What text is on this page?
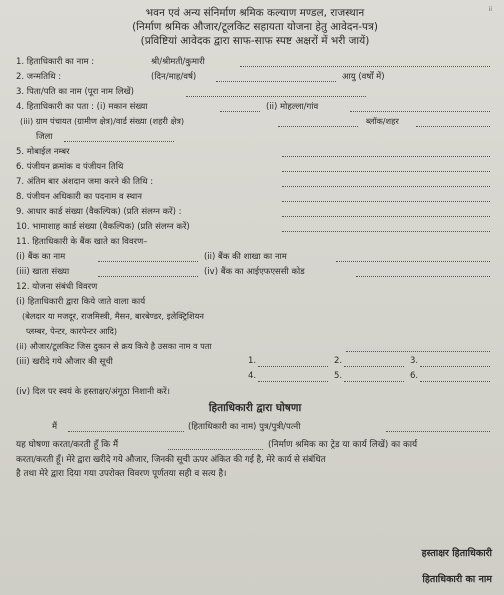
ii
भवन एवं अन्य संनिर्माण श्रमिक कल्याण मण्डल, राजस्थान
(निर्माण श्रमिक औजार/टूलकिट सहायता योजना हेतु आवेदन-पत्र)
(प्रविष्टियां आवेदक द्वारा साफ-साफ स्पष्ट अक्षरों में भरी जायें)
1. हिताधिकारी का नाम :	श्री/श्रीमती/कुमारी
2. जन्मतिथि :	(दिन/माह/वर्ष)	आयु (वर्षों में)
3. पिता/पति का नाम (पूरा नाम लिखें)
4. हिताधिकारी का पता : (i) मकान संख्या	(ii) मोहल्ला/गांव
(iii) ग्राम पंचायत (ग्रामीण क्षेत्र)/वार्ड संख्या (शहरी क्षेत्र)	ब्लॉक/शहर
जिला
5. मोबाईल नम्बर
6. पंजीयन क्रमांक व पंजीयन तिथि
7. अंतिम बार अंशदान जमा करने की तिथि :
8. पंजीयन अधिकारी का पदनाम व स्थान
9. आधार कार्ड संख्या (वैकल्पिक) (प्रति संलग्न करें) :
10. भामाशाह कार्ड संख्या (वैकल्पिक) (प्रति संलग्न करें)
11. हिताधिकारी के बैंक खाते का विवरण–
(i) बैंक का नाम	(ii) बैंक की शाखा का नाम
(iii) खाता संख्या	(iv) बैंक का आईएफएससी कोड
12. योजना संबंधी विवरण
(i) हिताधिकारी द्वारा किये जाते वाला कार्य
(बेलदार या मजदूर, राजमिस्त्री, मैसन, बारबेण्डर, इलेक्ट्रिशियन
प्लम्बर, पेन्टर, कारपेन्टर आदि)
(ii) औजार/टूलकिट जिस दुकान से क्रय किये है उसका नाम व पता
(iii) खरीदे गये औजार की सूची	1.	2.	3.
4.	5.	6.
(iv) दिल पर स्वयं के हस्ताक्षर/अंगूठा निशानी करें।
हिताधिकारी द्वारा घोषणा
मैं	(हिताधिकारी का नाम) पुत्र/पुत्री/पत्नी
यह घोषणा करता/करती हूँ कि मैं	(निर्माण श्रमिक का ट्रेड या कार्य लिखें) का कार्य
करता/करती हूँ। मेरे द्वारा खरीदे गये औजार, जिनकी सूची ऊपर अंकित की गई है, मेरे कार्य से संबंधित
है तथा मेरे द्वारा दिया गया उपरोक्त विवरण पूर्णतया सही व सत्य है।
हस्ताक्षर हिताधिकारी
हिताधिकारी का नाम
